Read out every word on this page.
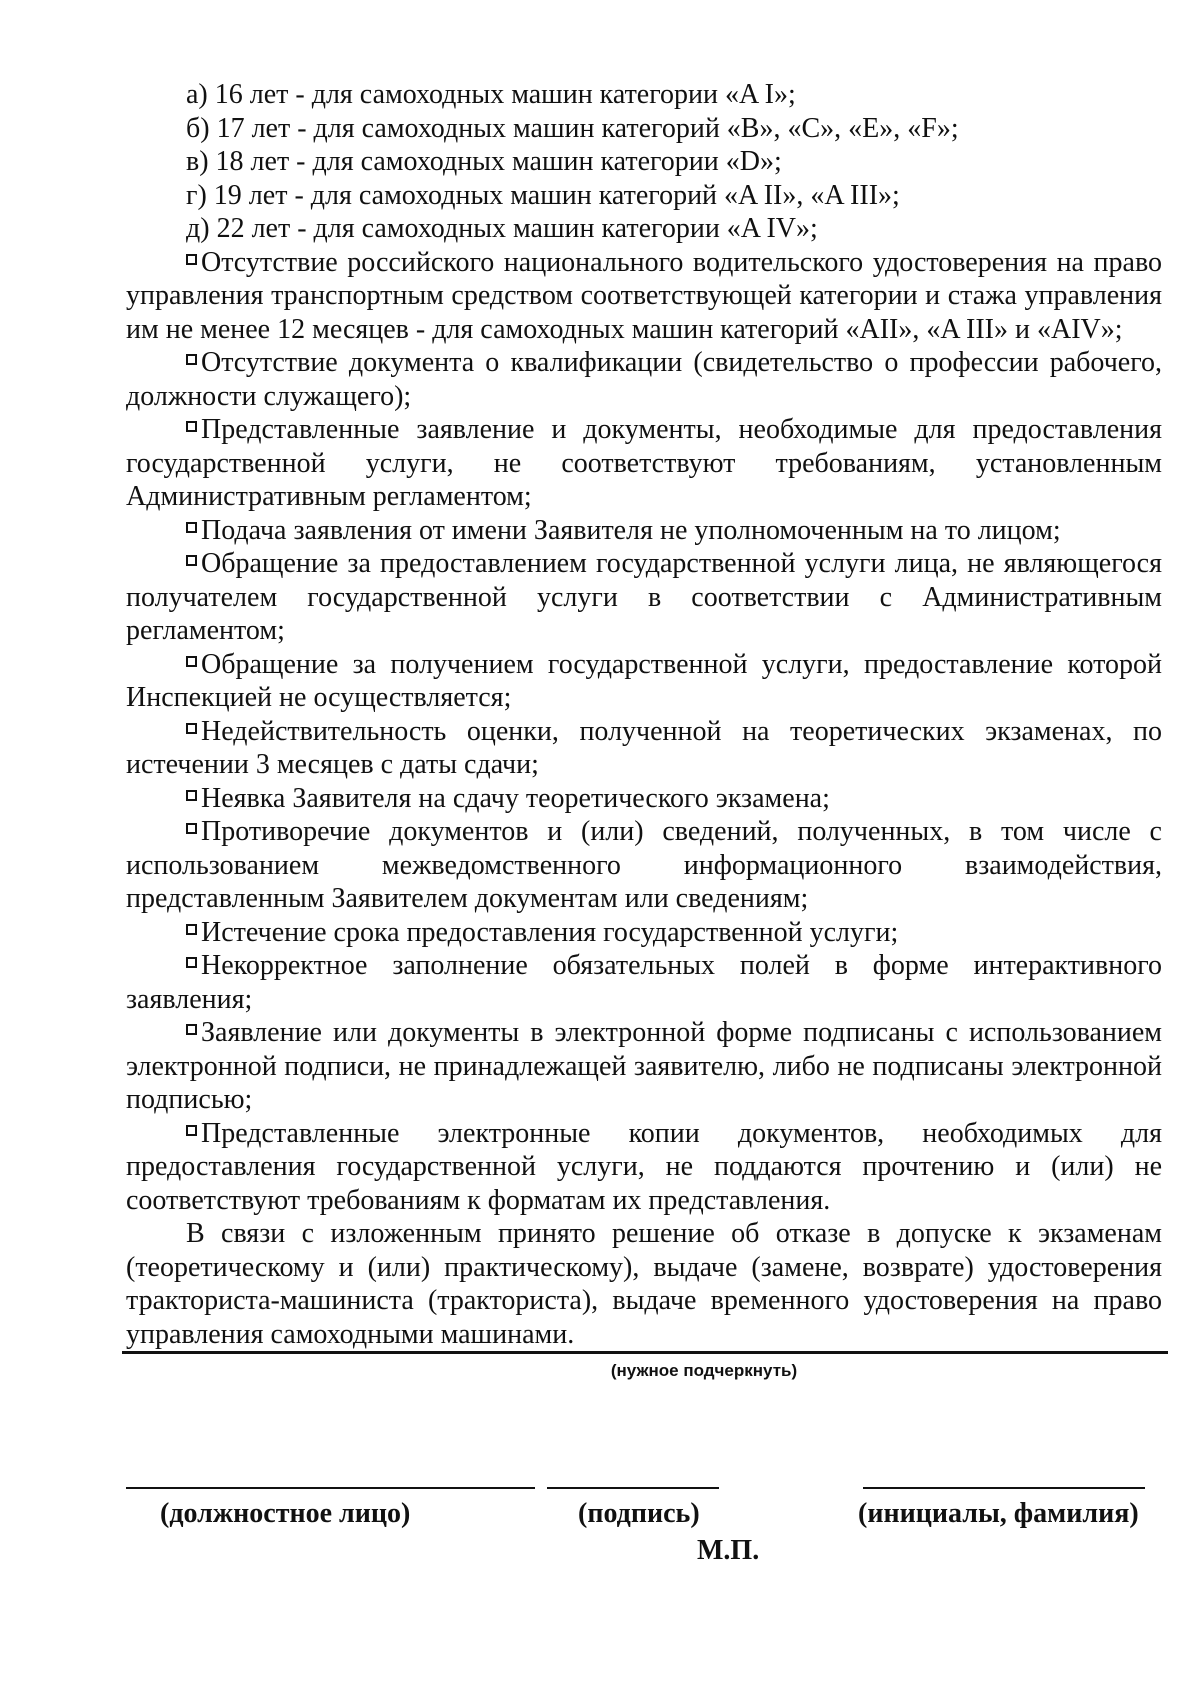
а) 16 лет - для самоходных машин категории «A I»;

б) 17 лет - для самоходных машин категорий «B», «C», «E», «F»;

в) 18 лет - для самоходных машин категории «D»;

г) 19 лет - для самоходных машин категорий «A II», «A III»;

д) 22 лет - для самоходных машин категории «A IV»;

Отсутствие российского национального водительского удостоверения на право управления транспортным средством соответствующей категории и стажа управления им не менее 12 месяцев - для самоходных машин категорий «AII», «A III» и «AIV»;

Отсутствие документа о квалификации (свидетельство о профессии рабочего, должности служащего);

Представленные заявление и документы, необходимые для предоставления государственной услуги, не соответствуют требованиям, установленным Административным регламентом;

Подача заявления от имени Заявителя не уполномоченным на то лицом;

Обращение за предоставлением государственной услуги лица, не являющегося получателем государственной услуги в соответствии с Административным регламентом;

Обращение за получением государственной услуги, предоставление которой Инспекцией не осуществляется;

Недействительность оценки, полученной на теоретических экзаменах, по истечении 3 месяцев с даты сдачи;

Неявка Заявителя на сдачу теоретического экзамена;

Противоречие документов и (или) сведений, полученных, в том числе с использованием межведомственного информационного взаимодействия, представленным Заявителем документам или сведениям;

Истечение срока предоставления государственной услуги;

Некорректное заполнение обязательных полей в форме интерактивного заявления;

Заявление или документы в электронной форме подписаны с использованием электронной подписи, не принадлежащей заявителю, либо не подписаны электронной подписью;

Представленные электронные копии документов, необходимых для предоставления государственной услуги, не поддаются прочтению и (или) не соответствуют требованиям к форматам их представления.

В связи с изложенным принято решение об отказе в допуске к экзаменам (теоретическому и (или) практическому), выдаче (замене, возврате) удостоверения тракториста-машиниста (тракториста), выдаче временного удостоверения на право управления самоходными машинами.

(нужное подчеркнуть)
(должностное лицо)	(подпись)	(инициалы, фамилия)
М.П.
